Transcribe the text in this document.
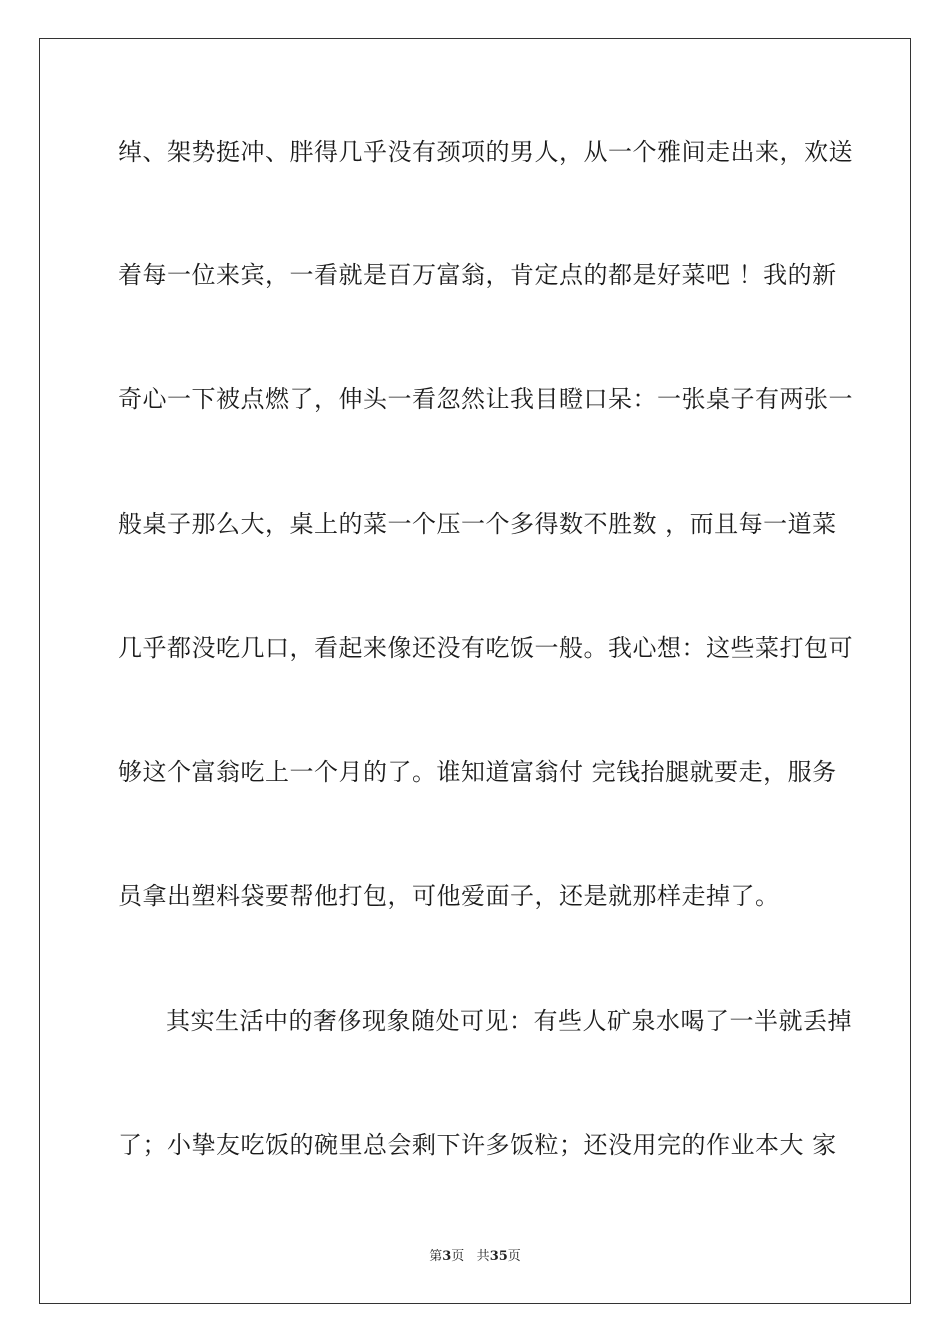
绰、架势挺冲、胖得几乎没有颈项的男人，从一个雅间走出来，欢送
着每一位来宾，一看就是百万富翁，肯定点的都是好菜吧 ！我的新
奇心一下被点燃了，伸头一看忽然让我目瞪口呆：一张桌子有两张一
般桌子那么大，桌上的菜一个压一个多得数不胜数 ，而且每一道菜
几乎都没吃几口，看起来像还没有吃饭一般。我心想：这些菜打包可
够这个富翁吃上一个月的了。谁知道富翁付 完钱抬腿就要走，服务
员拿出塑料袋要帮他打包，可他爱面子，还是就那样走掉了。
其实生活中的奢侈现象随处可见：有些人矿泉水喝了一半就丢掉
了；小挚友吃饭的碗里总会剩下许多饭粒；还没用完的作业本大 家
第3页 共35页
